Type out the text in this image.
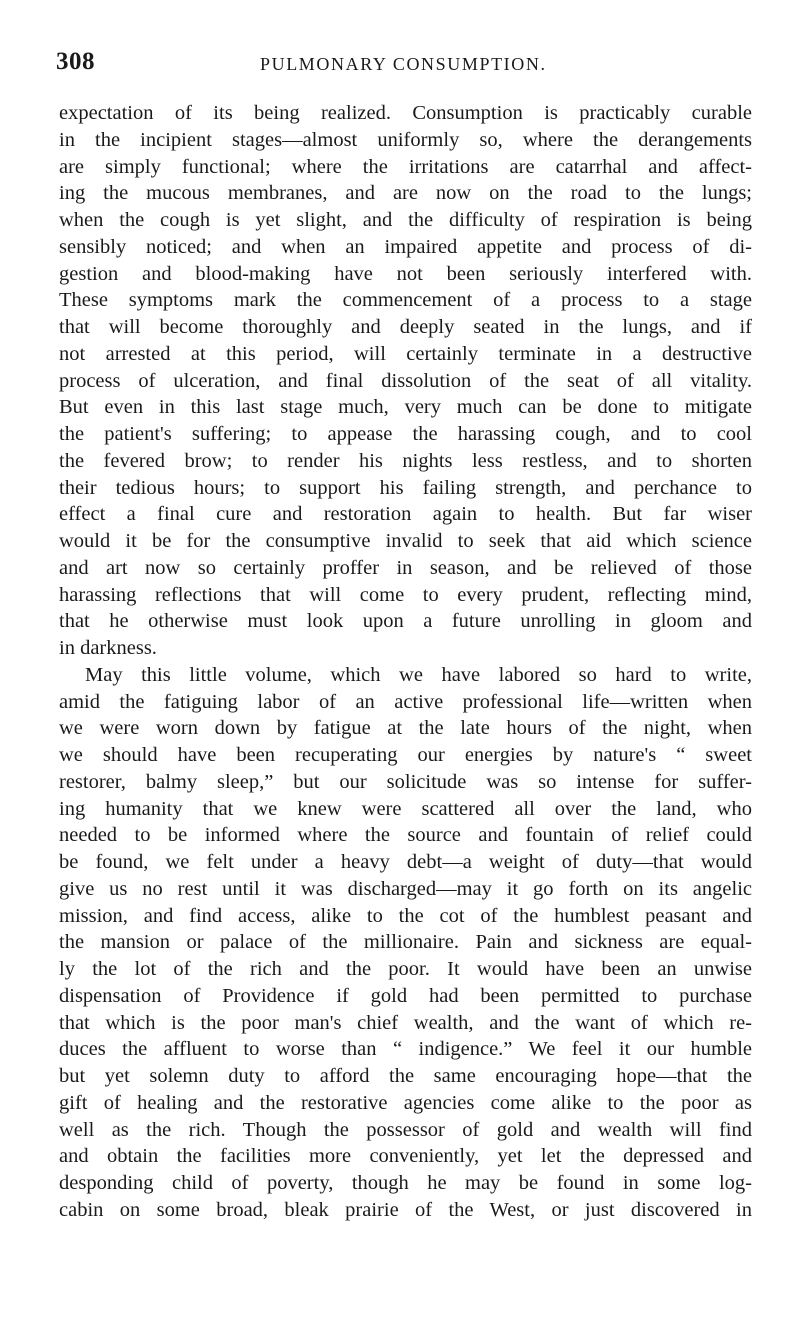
308	PULMONARY CONSUMPTION.
expectation of its being realized. Consumption is practicably curable
in the incipient stages—almost uniformly so, where the derangements
are simply functional; where the irritations are catarrhal and affect-
ing the mucous membranes, and are now on the road to the lungs;
when the cough is yet slight, and the difficulty of respiration is being
sensibly noticed; and when an impaired appetite and process of di-
gestion and blood-making have not been seriously interfered with.
These symptoms mark the commencement of a process to a stage
that will become thoroughly and deeply seated in the lungs, and if
not arrested at this period, will certainly terminate in a destructive
process of ulceration, and final dissolution of the seat of all vitality.
But even in this last stage much, very much can be done to mitigate
the patient's suffering; to appease the harassing cough, and to cool
the fevered brow; to render his nights less restless, and to shorten
their tedious hours; to support his failing strength, and perchance to
effect a final cure and restoration again to health. But far wiser
would it be for the consumptive invalid to seek that aid which science
and art now so certainly proffer in season, and be relieved of those
harassing reflections that will come to every prudent, reflecting mind,
that he otherwise must look upon a future unrolling in gloom and
in darkness.
May this little volume, which we have labored so hard to write,
amid the fatiguing labor of an active professional life—written when
we were worn down by fatigue at the late hours of the night, when
we should have been recuperating our energies by nature's “ sweet
restorer, balmy sleep,” but our solicitude was so intense for suffer-
ing humanity that we knew were scattered all over the land, who
needed to be informed where the source and fountain of relief could
be found, we felt under a heavy debt—a weight of duty—that would
give us no rest until it was discharged—may it go forth on its angelic
mission, and find access, alike to the cot of the humblest peasant and
the mansion or palace of the millionaire. Pain and sickness are equal-
ly the lot of the rich and the poor. It would have been an unwise
dispensation of Providence if gold had been permitted to purchase
that which is the poor man's chief wealth, and the want of which re-
duces the affluent to worse than “ indigence.” We feel it our humble
but yet solemn duty to afford the same encouraging hope—that the
gift of healing and the restorative agencies come alike to the poor as
well as the rich. Though the possessor of gold and wealth will find
and obtain the facilities more conveniently, yet let the depressed and
desponding child of poverty, though he may be found in some log-
cabin on some broad, bleak prairie of the West, or just discovered in
